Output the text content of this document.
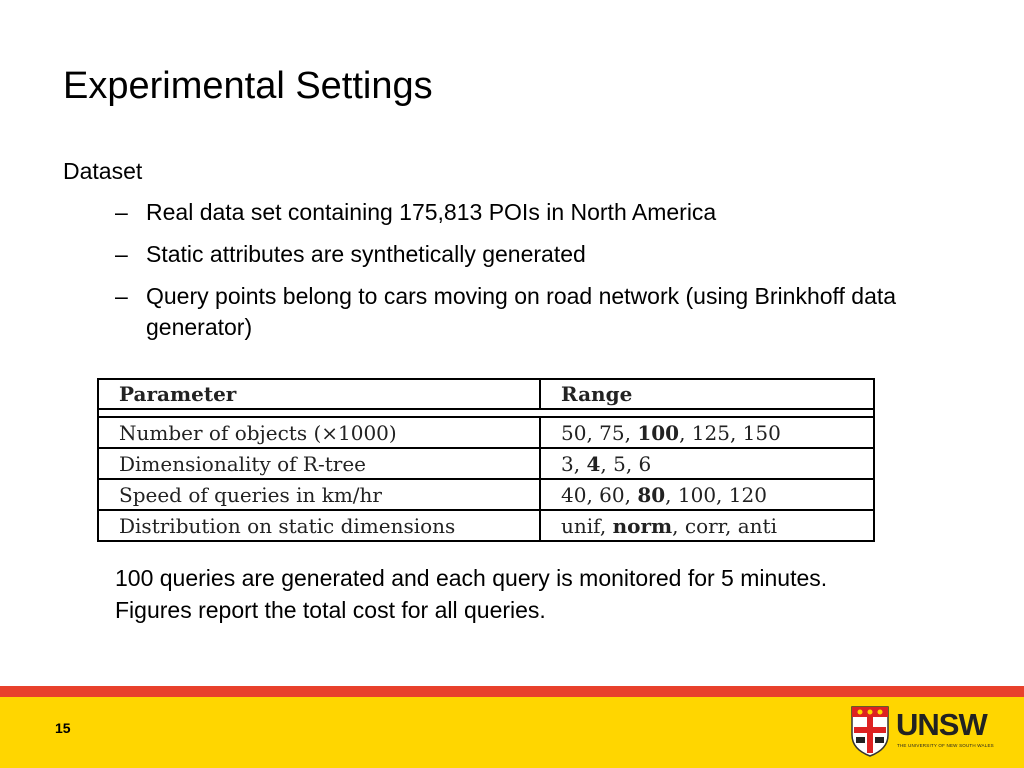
Experimental Settings
Dataset
– Real data set containing 175,813 POIs in North America
– Static attributes are synthetically generated
– Query points belong to cars moving on road network (using Brinkhoff data generator)
Parameter	Range

Number of objects (×1000)	50, 75, 100, 125, 150
Dimensionality of R-tree	3, 4, 5, 6
Speed of queries in km/hr	40, 60, 80, 100, 120
Distribution on static dimensions	unif, norm, corr, anti
100 queries are generated and each query is monitored for 5 minutes. Figures report the total cost for all queries.
15	UNSW
THE UNIVERSITY OF NEW SOUTH WALES
